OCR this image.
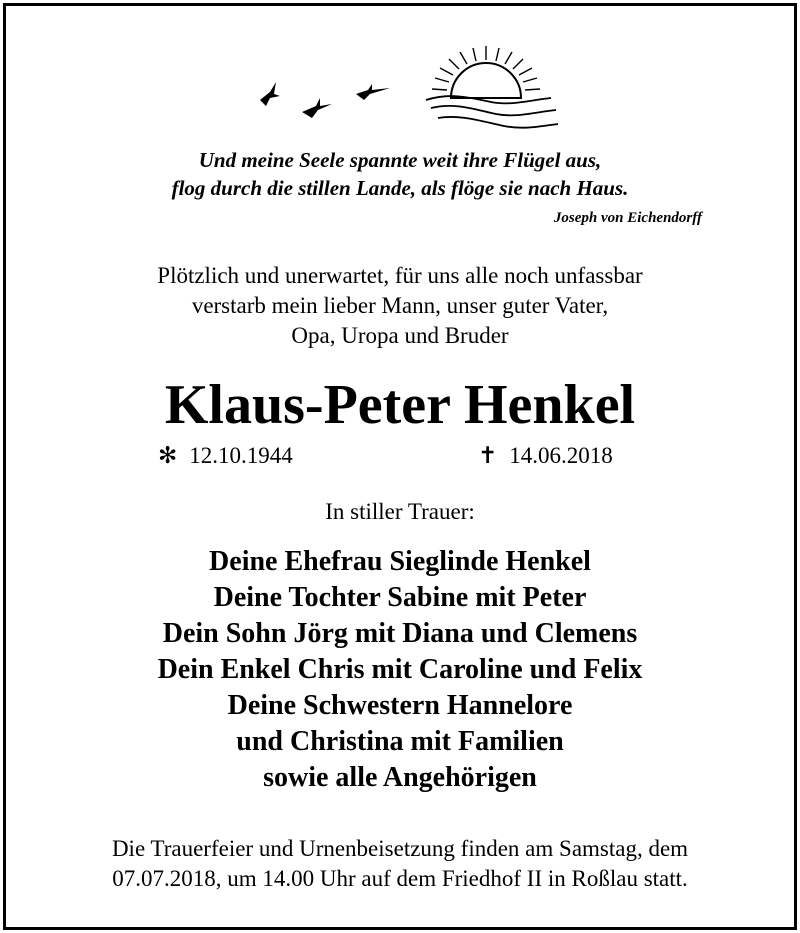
Und meine Seele spannte weit ihre Flügel aus,
flog durch die stillen Lande, als flöge sie nach Haus.
Joseph von Eichendorff
Plötzlich und unerwartet, für uns alle noch unfassbar
verstarb mein lieber Mann, unser guter Vater,
Opa, Uropa und Bruder
Klaus-Peter Henkel
✻ 12.10.1944	✝ 14.06.2018
In stiller Trauer:
Deine Ehefrau Sieglinde Henkel
Deine Tochter Sabine mit Peter
Dein Sohn Jörg mit Diana und Clemens
Dein Enkel Chris mit Caroline und Felix
Deine Schwestern Hannelore
und Christina mit Familien
sowie alle Angehörigen
Die Trauerfeier und Urnenbeisetzung finden am Samstag, dem
07.07.2018, um 14.00 Uhr auf dem Friedhof II in Roßlau statt.
